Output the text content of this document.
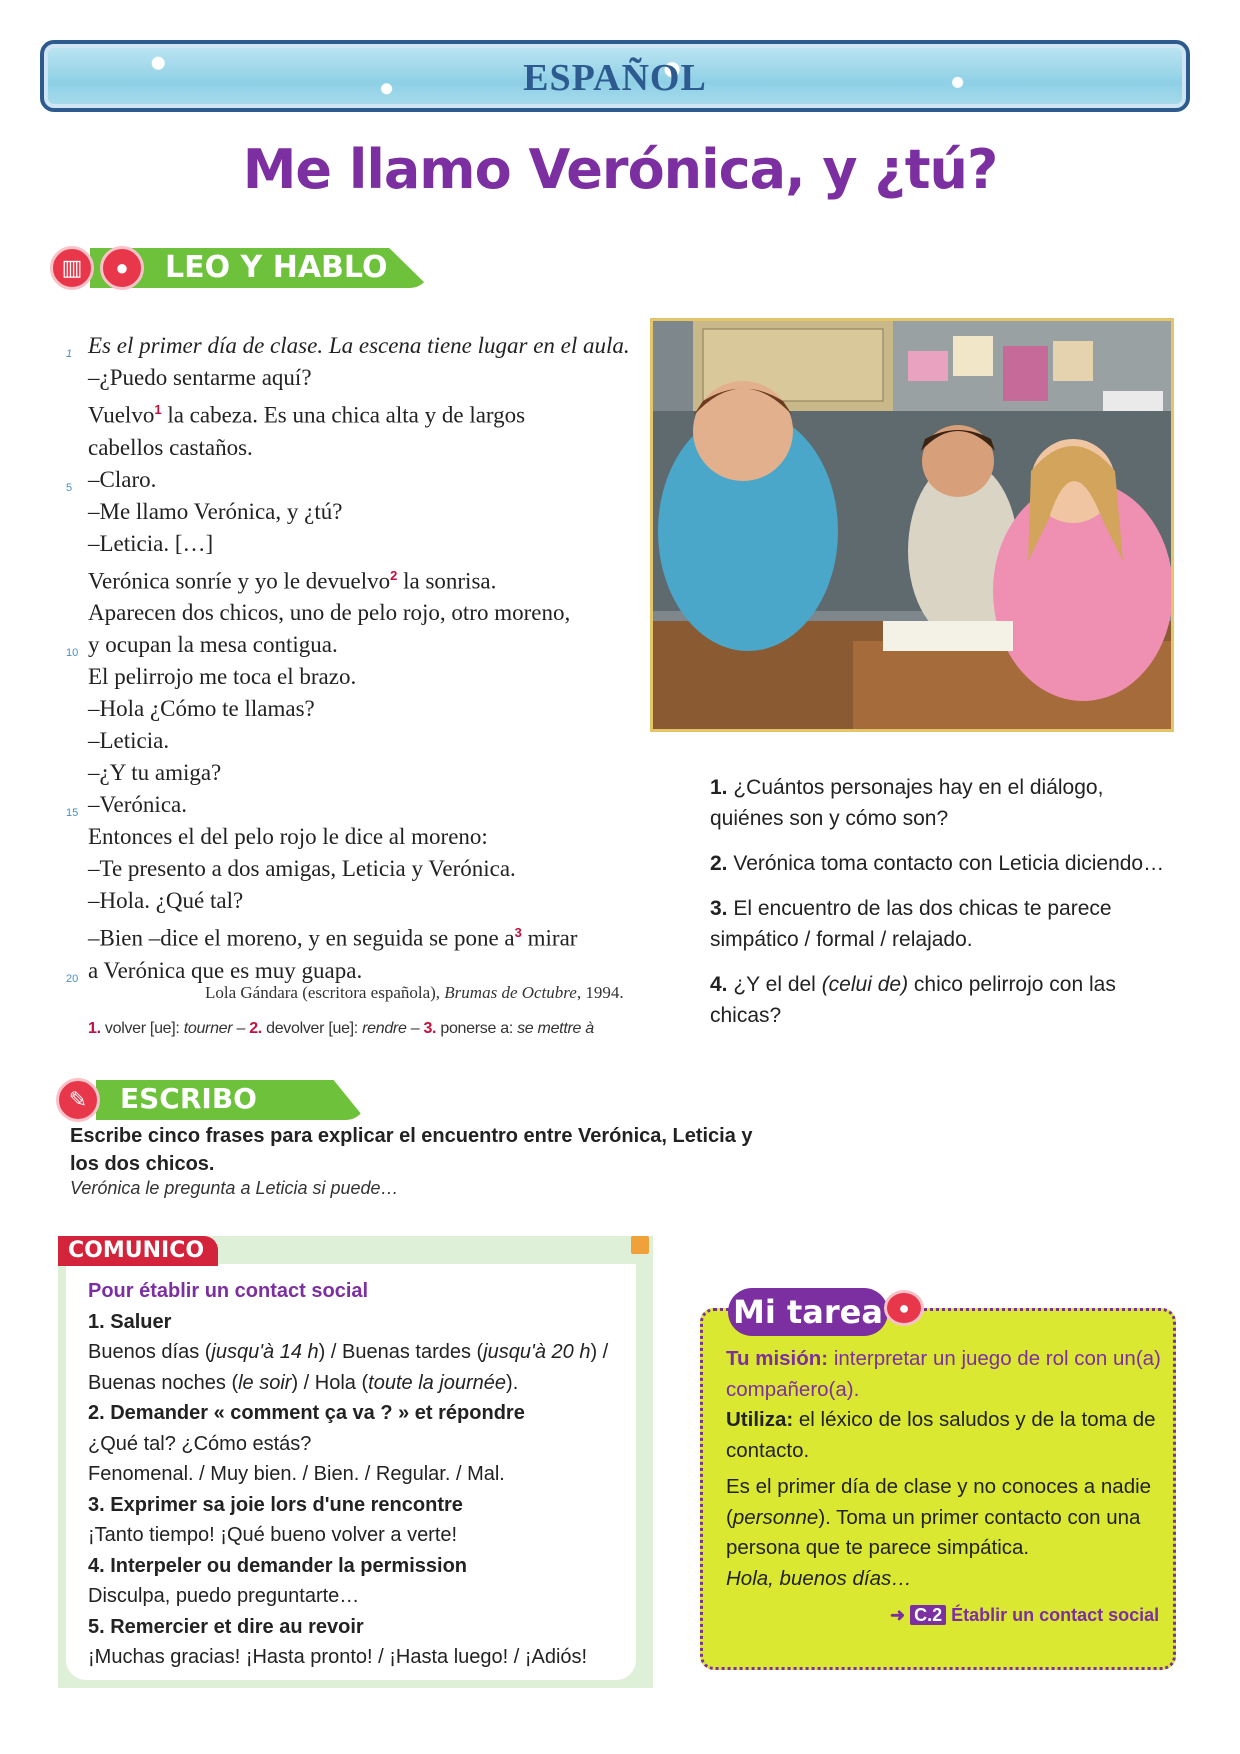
ESPAÑOL
Me llamo Verónica, y ¿tú?
▥	●	LEO Y HABLO
1 Es el primer día de clase. La escena tiene lugar en el aula.
–¿Puedo sentarme aquí?
Vuelvo$^1$ la cabeza. Es una chica alta y de largos
cabellos castaños.
5 –Claro.
–Me llamo Verónica, y ¿tú?
–Leticia. […]
Verónica sonríe y yo le devuelvo$^2$ la sonrisa.
Aparecen dos chicos, uno de pelo rojo, otro moreno,
10 y ocupan la mesa contigua.
El pelirrojo me toca el brazo.
–Hola ¿Cómo te llamas?
–Leticia.
–¿Y tu amiga?
15 –Verónica.
Entonces el del pelo rojo le dice al moreno:
–Te presento a dos amigas, Leticia y Verónica.
–Hola. ¿Qué tal?
–Bien –dice el moreno, y en seguida se pone $a^3$ mirar
20 a Verónica que es muy guapa.
Lola Gándara (escritora española), Brumas de Octubre, 1994.
1. volver [ue]: tourner – 2. devolver [ue]: rendre – 3. ponerse a: se mettre à
1. ¿Cuántos personajes hay en el diálogo, quiénes son y cómo son?
2. Verónica toma contacto con Leticia diciendo…
3. El encuentro de las dos chicas te parece simpático / formal / relajado.
4. ¿Y el del (celui de) chico pelirrojo con las chicas?
✎	ESCRIBO
Escribe cinco frases para explicar el encuentro entre Verónica, Leticia y los dos chicos.
Verónica le pregunta a Leticia si puede…
COMUNICO
Pour établir un contact social
1. Saluer
Buenos días (jusqu'à 14 h) / Buenas tardes (jusqu'à 20 h) /
Buenas noches (le soir) / Hola (toute la journée).
2. Demander « comment ça va ? » et répondre
¿Qué tal? ¿Cómo estás?
Fenomenal. / Muy bien. / Bien. / Regular. / Mal.
3. Exprimer sa joie lors d'une rencontre
¡Tanto tiempo! ¡Qué bueno volver a verte!
4. Interpeler ou demander la permission
Disculpa, puedo preguntarte…
5. Remercier et dire au revoir
¡Muchas gracias! ¡Hasta pronto! / ¡Hasta luego! / ¡Adiós!
Mi tarea ●
Tu misión: interpretar un juego de rol con un(a) compañero(a).
Utiliza: el léxico de los saludos y de la toma de contacto.
Es el primer día de clase y no conoces a nadie (personne). Toma un primer contacto con una persona que te parece simpática.
Hola, buenos días…
➜ C.2 Établir un contact social
